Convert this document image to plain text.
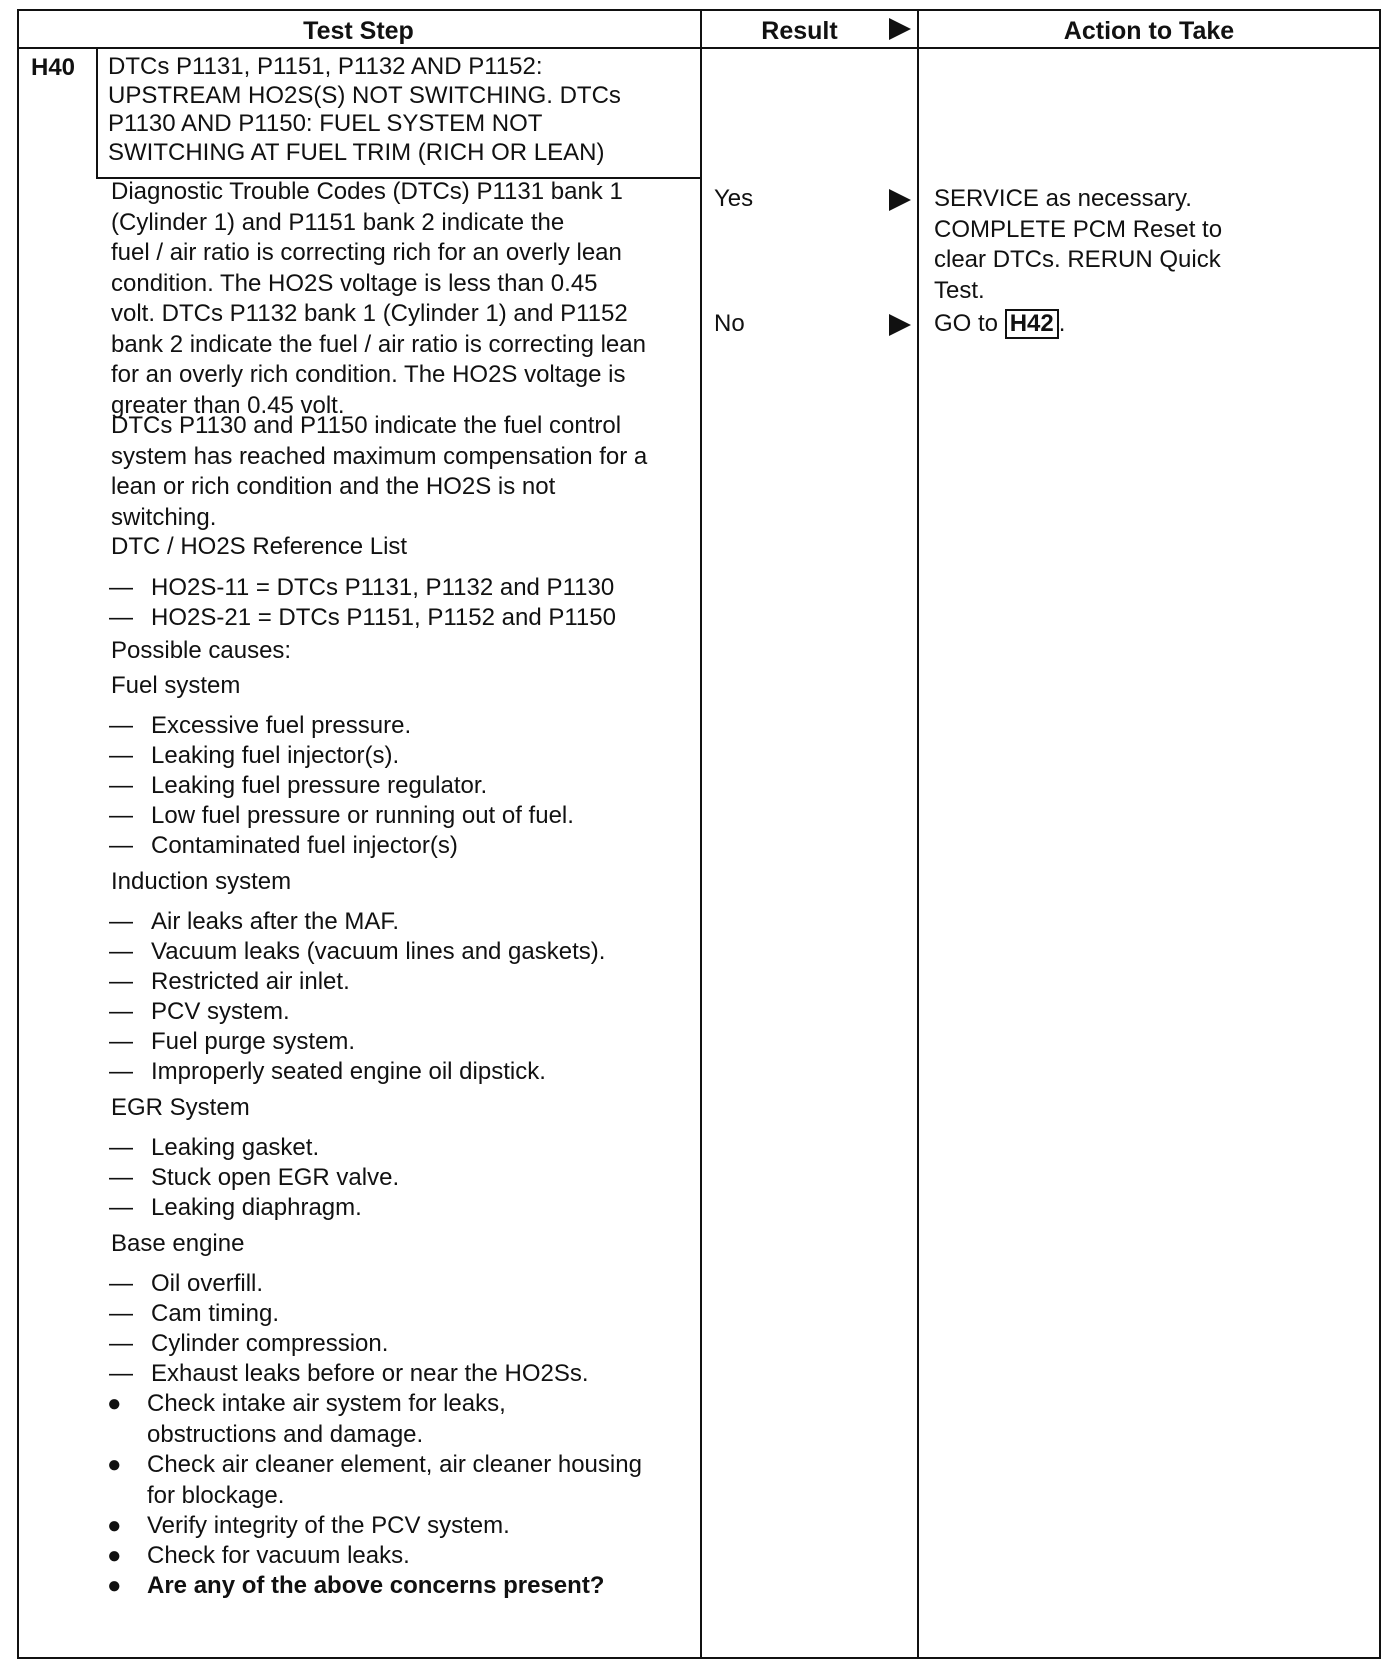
Test Step	Result	Action to Take
H40 DTCs P1131, P1151, P1132 AND P1152:
UPSTREAM HO2S(S) NOT SWITCHING. DTCs
P1130 AND P1150: FUEL SYSTEM NOT
SWITCHING AT FUEL TRIM (RICH OR LEAN)
Diagnostic Trouble Codes (DTCs) P1131 bank 1
(Cylinder 1) and P1151 bank 2 indicate the
fuel / air ratio is correcting rich for an overly lean
condition. The HO2S voltage is less than 0.45
volt. DTCs P1132 bank 1 (Cylinder 1) and P1152
bank 2 indicate the fuel / air ratio is correcting lean
for an overly rich condition. The HO2S voltage is
greater than 0.45 volt.
DTCs P1130 and P1150 indicate the fuel control
system has reached maximum compensation for a
lean or rich condition and the HO2S is not
switching.
DTC / HO2S Reference List
— HO2S-11 = DTCs P1131, P1132 and P1130
— HO2S-21 = DTCs P1151, P1152 and P1150
Possible causes:
Fuel system
— Excessive fuel pressure.
— Leaking fuel injector(s).
— Leaking fuel pressure regulator.
— Low fuel pressure or running out of fuel.
— Contaminated fuel injector(s)
Induction system
— Air leaks after the MAF.
— Vacuum leaks (vacuum lines and gaskets).
— Restricted air inlet.
— PCV system.
— Fuel purge system.
— Improperly seated engine oil dipstick.
EGR System
— Leaking gasket.
— Stuck open EGR valve.
— Leaking diaphragm.
Base engine
— Oil overfill.
— Cam timing.
— Cylinder compression.
— Exhaust leaks before or near the HO2Ss.
●	Check intake air system for leaks,
obstructions and damage.
●	Check air cleaner element, air cleaner housing
for blockage.
●	Verify integrity of the PCV system.
●	Check for vacuum leaks.
●	Are any of the above concerns present?
Yes	SERVICE as necessary.
COMPLETE PCM Reset to
clear DTCs. RERUN Quick
Test.
No	GO to H42 .
